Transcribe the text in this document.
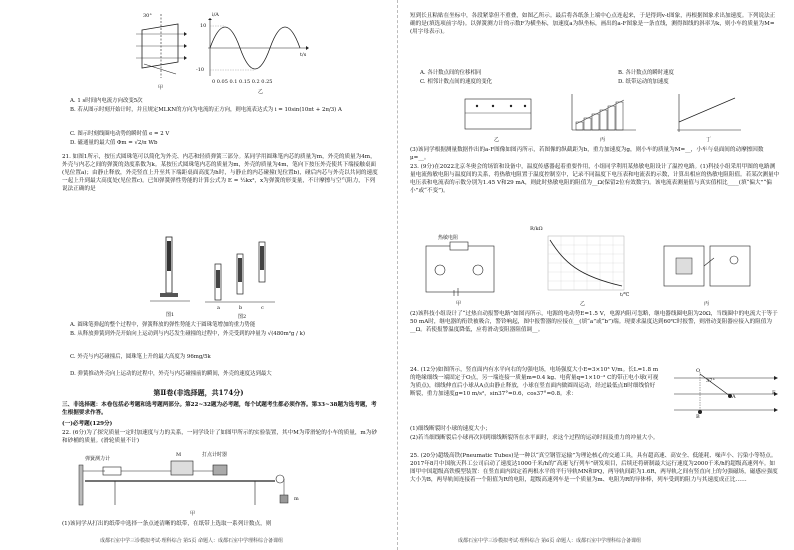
30°
甲
i/A
t/s
10
-10
0 0.05 0.1 0.15 0.2 0.25
乙
A. 1 s时间内电流方向改变5次
B. 若从图示时刻开始计时，并且规定MLKN的方向为电流的正方向，则电流表达式为 i = 10sin(10πt + 2π/3) A
C. 图示时刻线圈电动势的瞬时值 e = 2 V
D. 磁通量的最大值 Φm = √2/π Wb
21. 如图1所示，按压式圆珠笔可以简化为外壳、内芯和轻质弹簧三部分。某同学用圆珠笔内芯的质量为m，外壳的质量为4m，外壳与内芯之间的弹簧的劲度系数为k。某按压式圆珠笔内芯的质量为m，外壳的质量为4m，笔向下按压外壳使其下端接触桌面(见位置a)；由静止释放，外壳竖直上升至其下端距桌面高度为h时，与静止的内芯碰撞(见位置b)，碰后内芯与外壳以共同的速度一起上升到最大高度处(见位置c)。已知弹簧弹性势能的计算公式为 E = ½kx²，x为弹簧的形变量，不计摩擦与空气阻力，下列说法正确的是
图1
a	b	c
图2
A. 圆珠笔弹起的整个过程中，弹簧释放的弹性势能大于圆珠笔增加的重力势能
B. 从释放弹簧到外壳开始向上运动到与内芯发生碰撞的过程中，外壳受到的冲量为 √(480m²g / k)
C. 外壳与内芯碰撞后，圆珠笔上升的最大高度为 96mg/5k
D. 弹簧推动外壳向上运动的过程中，外壳与内芯碰撞前的瞬间，外壳的速度达到最大
第Ⅱ卷(非选择题，共174分)
三、非选择题：本卷包括必考题和选考题两部分。第22~32题为必考题，每个试题考生都必须作答。第33~38题为选考题，考生根据要求作答。
(一)必考题(129分)
22. (6分)为了探究质量一定时加速度与力的关系，一同学设计了如图甲所示的实验装置，其中M为带滑轮的小车的质量，m为砂和砂桶的质量。(滑轮质量不计)
弹簧测力计
打点计时器
M
m
甲
(1)该同学从打出的纸带中选择一条点迹清晰的纸带，在纸带上选取一系列计数点，则
成都石室中学三诊模拟考试·理科综合 第5页 命题人：成都石室中学理科综合备课组
短到长且粘贴在坐标中，各段紧靠但不重叠，如图乙所示。最后将各纸条上端中心点连起来，于是得到v-t图象，再根据图象求出加速度。下列说法正确的是(填选项前字母)。以弹簧测力计的示数F为横坐标，加速度a为纵坐标，画出的a-F图象是一条直线，测得图线的斜率为k，则小车的质量为M=(用字母表示)。
A. 各计数点间的位移相同	B. 各计数点的瞬时速度
C. 相邻计数点间的速度的变化	D. 纸带运动的加速度
乙	丙	丁
(3)该同学根据测量数据作出的a-F图像如图丙所示，若图像的纵截距为b，重力加速度为g，则小车的质量为M=__，小车与桌面间的动摩擦因数μ=__。
23. (9分)在2022北京冬奥会的场馆和设备中，温度传感器起着重要作用，小组同学利用某热敏电阻设计了温控电路。(1)科技小组采用甲图的电路测量电流热敏电阻与温度间的关系，将热敏电阻置于温度控制室中，记录不同温度下电压表和电流表的示数，计算出相应的热敏电阻阻值。若某次测量中电压表和电流表的示数分别为1.45 V和29 mA，则此时热敏电阻的阻值为__Ω(保留2位有效数字)。该电流表测量值与真实值相比____(填“偏大”“偏小”或“不变”)。
热敏电阻
甲
R/kΩ
t/℃
乙	丙
(2)该科技小组设计了“过热自动报警电路”如图丙所示，电源的电动势E=1.5 V，电源内阻可忽略，继电器线圈电阻为20Ω，当线圈中的电流大于等于50 mA时，继电器的衔铁被吸合，警铃响起，图中报警器的应接在__(填“a”或“b”)端。现要求温度达到60℃时报警，则滑动变阻器应接入的阻值为__Ω。若使报警温度降低，应将滑动变阻器阻值调__。
24. (12分)如图所示，竖直面内有水平向右的匀强电场，电场强度大小E=3×10³ V/m。长L=1.8 m的绝缘细线一端固定于O点，另一端连接一质量m=0.4 kg、电荷量q=1×10⁻³ C的带正电小球(可视为质点)，细线伸直后小球从A点由静止释放，小球在竖直面内做圆周运动，经过最低点B时细线恰好断裂，重力加速度g=10 m/s²，sin37°=0.6，cos37°=0.8。求：
O
A
B
E
37°
(1)细线断裂时小球的速度大小；
(2)若当细线断裂后小球再次回到细线断裂所在水平面时，求这个过程的运动时间及重力的冲量大小。
25. (20分)超级高铁(Pneumatic Tubes)是一种以“真空钢管运输”为理论核心的交通工具，具有超高速、高安全、低能耗、噪声小、污染小等特点。2017年8月中国航天科工公司启动了速度达1000千米/h的“高速飞行列车”研发项目，后续还将研制最大运行速度为2000千米/h的超级高速列车。如图甲中国超级高铁模型装置：在竖直面内固定着两根水平的平行导轨MN和PQ，两导轨间距为1.6R，两导轨之间有竖直向上的匀强磁场，磁感应强度大小为B，两导轨间连接着一个阻值为R的电阻，超级高速列车是一个质量为m、电阻为R的导体棒，列车受到的阻力与其速度成正比……
成都石室中学三诊模拟考试·理科综合 第6页 命题人：成都石室中学理科综合备课组
